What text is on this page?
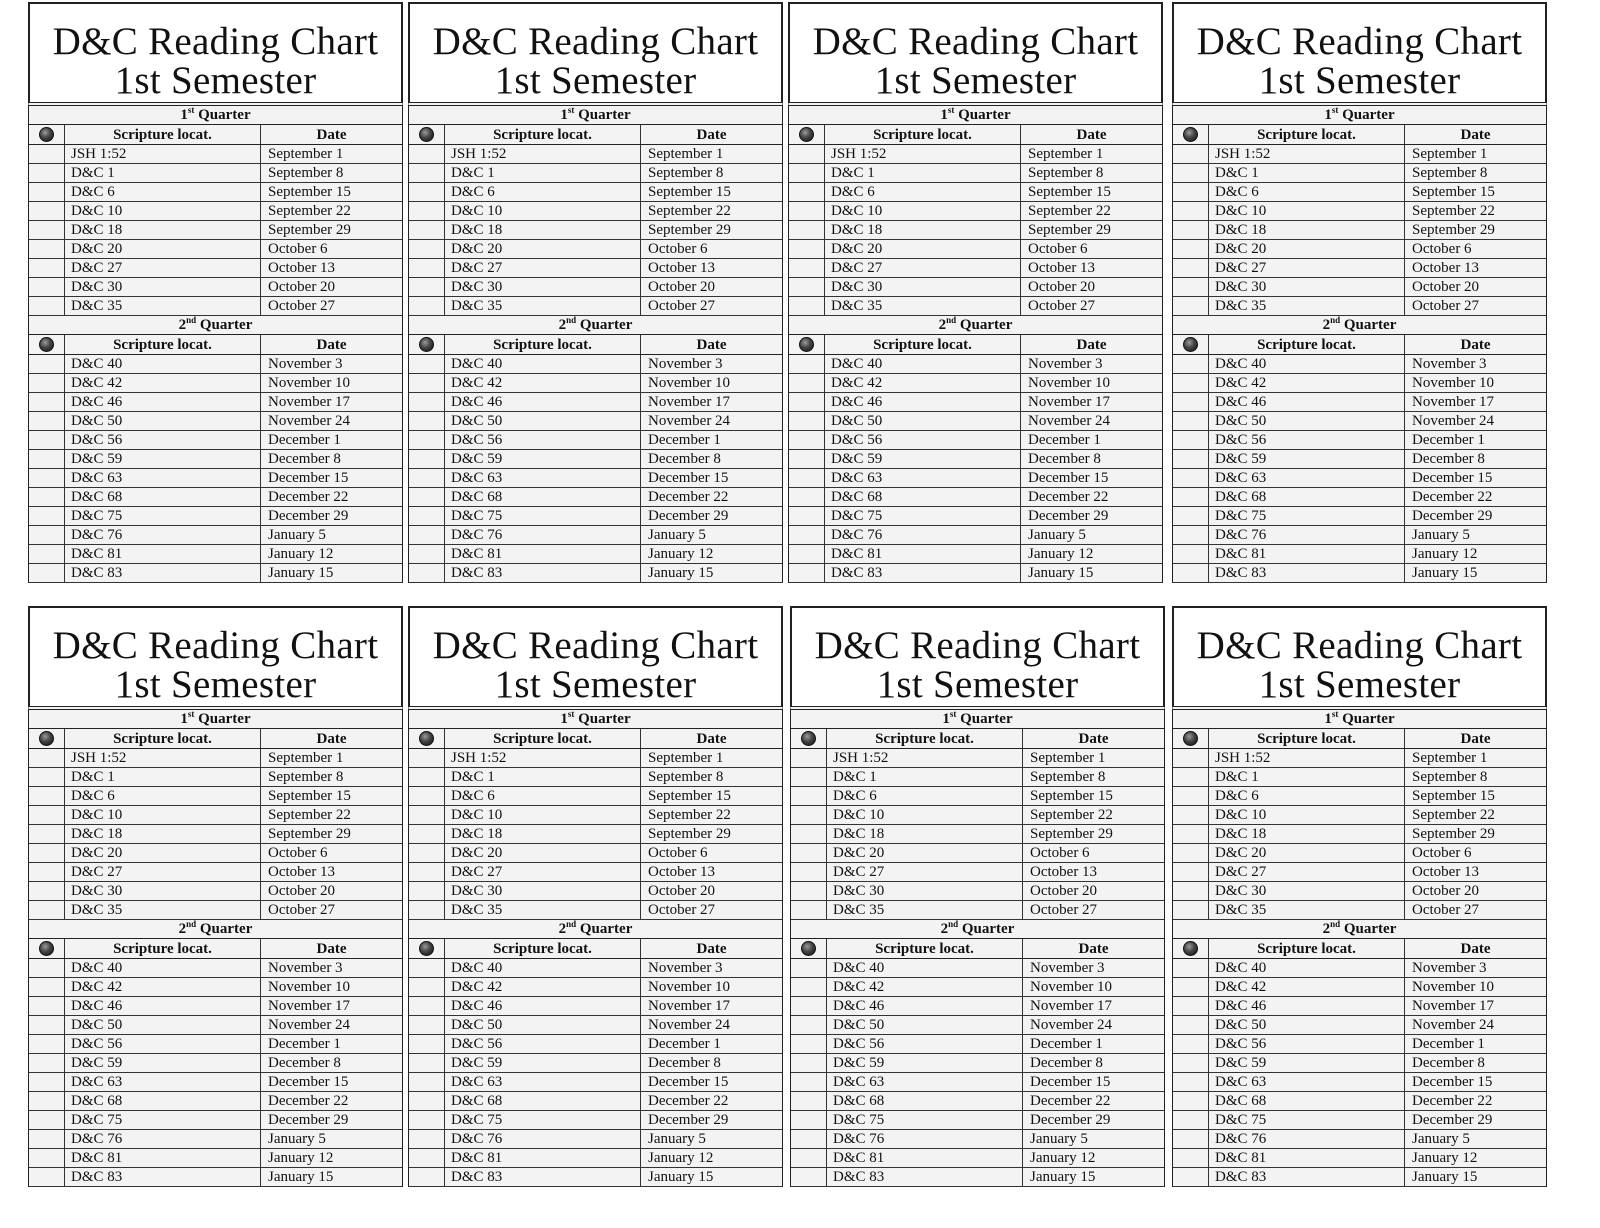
D&C Reading Chart
1st Semester
1st Quarter
Scripture locat.	Date
JSH 1:52	September 1
D&C 1	September 8
D&C 6	September 15
D&C 10	September 22
D&C 18	September 29
D&C 20	October 6
D&C 27	October 13
D&C 30	October 20
D&C 35	October 27
2nd Quarter
Scripture locat.	Date
D&C 40	November 3
D&C 42	November 10
D&C 46	November 17
D&C 50	November 24
D&C 56	December 1
D&C 59	December 8
D&C 63	December 15
D&C 68	December 22
D&C 75	December 29
D&C 76	January 5
D&C 81	January 12
D&C 83	January 15
D&C Reading Chart
1st Semester
1st Quarter
Scripture locat.	Date
JSH 1:52	September 1
D&C 1	September 8
D&C 6	September 15
D&C 10	September 22
D&C 18	September 29
D&C 20	October 6
D&C 27	October 13
D&C 30	October 20
D&C 35	October 27
2nd Quarter
Scripture locat.	Date
D&C 40	November 3
D&C 42	November 10
D&C 46	November 17
D&C 50	November 24
D&C 56	December 1
D&C 59	December 8
D&C 63	December 15
D&C 68	December 22
D&C 75	December 29
D&C 76	January 5
D&C 81	January 12
D&C 83	January 15
D&C Reading Chart
1st Semester
1st Quarter
Scripture locat.	Date
JSH 1:52	September 1
D&C 1	September 8
D&C 6	September 15
D&C 10	September 22
D&C 18	September 29
D&C 20	October 6
D&C 27	October 13
D&C 30	October 20
D&C 35	October 27
2nd Quarter
Scripture locat.	Date
D&C 40	November 3
D&C 42	November 10
D&C 46	November 17
D&C 50	November 24
D&C 56	December 1
D&C 59	December 8
D&C 63	December 15
D&C 68	December 22
D&C 75	December 29
D&C 76	January 5
D&C 81	January 12
D&C 83	January 15
D&C Reading Chart
1st Semester
1st Quarter
Scripture locat.	Date
JSH 1:52	September 1
D&C 1	September 8
D&C 6	September 15
D&C 10	September 22
D&C 18	September 29
D&C 20	October 6
D&C 27	October 13
D&C 30	October 20
D&C 35	October 27
2nd Quarter
Scripture locat.	Date
D&C 40	November 3
D&C 42	November 10
D&C 46	November 17
D&C 50	November 24
D&C 56	December 1
D&C 59	December 8
D&C 63	December 15
D&C 68	December 22
D&C 75	December 29
D&C 76	January 5
D&C 81	January 12
D&C 83	January 15
D&C Reading Chart
1st Semester
1st Quarter
Scripture locat.	Date
JSH 1:52	September 1
D&C 1	September 8
D&C 6	September 15
D&C 10	September 22
D&C 18	September 29
D&C 20	October 6
D&C 27	October 13
D&C 30	October 20
D&C 35	October 27
2nd Quarter
Scripture locat.	Date
D&C 40	November 3
D&C 42	November 10
D&C 46	November 17
D&C 50	November 24
D&C 56	December 1
D&C 59	December 8
D&C 63	December 15
D&C 68	December 22
D&C 75	December 29
D&C 76	January 5
D&C 81	January 12
D&C 83	January 15
D&C Reading Chart
1st Semester
1st Quarter
Scripture locat.	Date
JSH 1:52	September 1
D&C 1	September 8
D&C 6	September 15
D&C 10	September 22
D&C 18	September 29
D&C 20	October 6
D&C 27	October 13
D&C 30	October 20
D&C 35	October 27
2nd Quarter
Scripture locat.	Date
D&C 40	November 3
D&C 42	November 10
D&C 46	November 17
D&C 50	November 24
D&C 56	December 1
D&C 59	December 8
D&C 63	December 15
D&C 68	December 22
D&C 75	December 29
D&C 76	January 5
D&C 81	January 12
D&C 83	January 15
D&C Reading Chart
1st Semester
1st Quarter
Scripture locat.	Date
JSH 1:52	September 1
D&C 1	September 8
D&C 6	September 15
D&C 10	September 22
D&C 18	September 29
D&C 20	October 6
D&C 27	October 13
D&C 30	October 20
D&C 35	October 27
2nd Quarter
Scripture locat.	Date
D&C 40	November 3
D&C 42	November 10
D&C 46	November 17
D&C 50	November 24
D&C 56	December 1
D&C 59	December 8
D&C 63	December 15
D&C 68	December 22
D&C 75	December 29
D&C 76	January 5
D&C 81	January 12
D&C 83	January 15
D&C Reading Chart
1st Semester
1st Quarter
Scripture locat.	Date
JSH 1:52	September 1
D&C 1	September 8
D&C 6	September 15
D&C 10	September 22
D&C 18	September 29
D&C 20	October 6
D&C 27	October 13
D&C 30	October 20
D&C 35	October 27
2nd Quarter
Scripture locat.	Date
D&C 40	November 3
D&C 42	November 10
D&C 46	November 17
D&C 50	November 24
D&C 56	December 1
D&C 59	December 8
D&C 63	December 15
D&C 68	December 22
D&C 75	December 29
D&C 76	January 5
D&C 81	January 12
D&C 83	January 15
